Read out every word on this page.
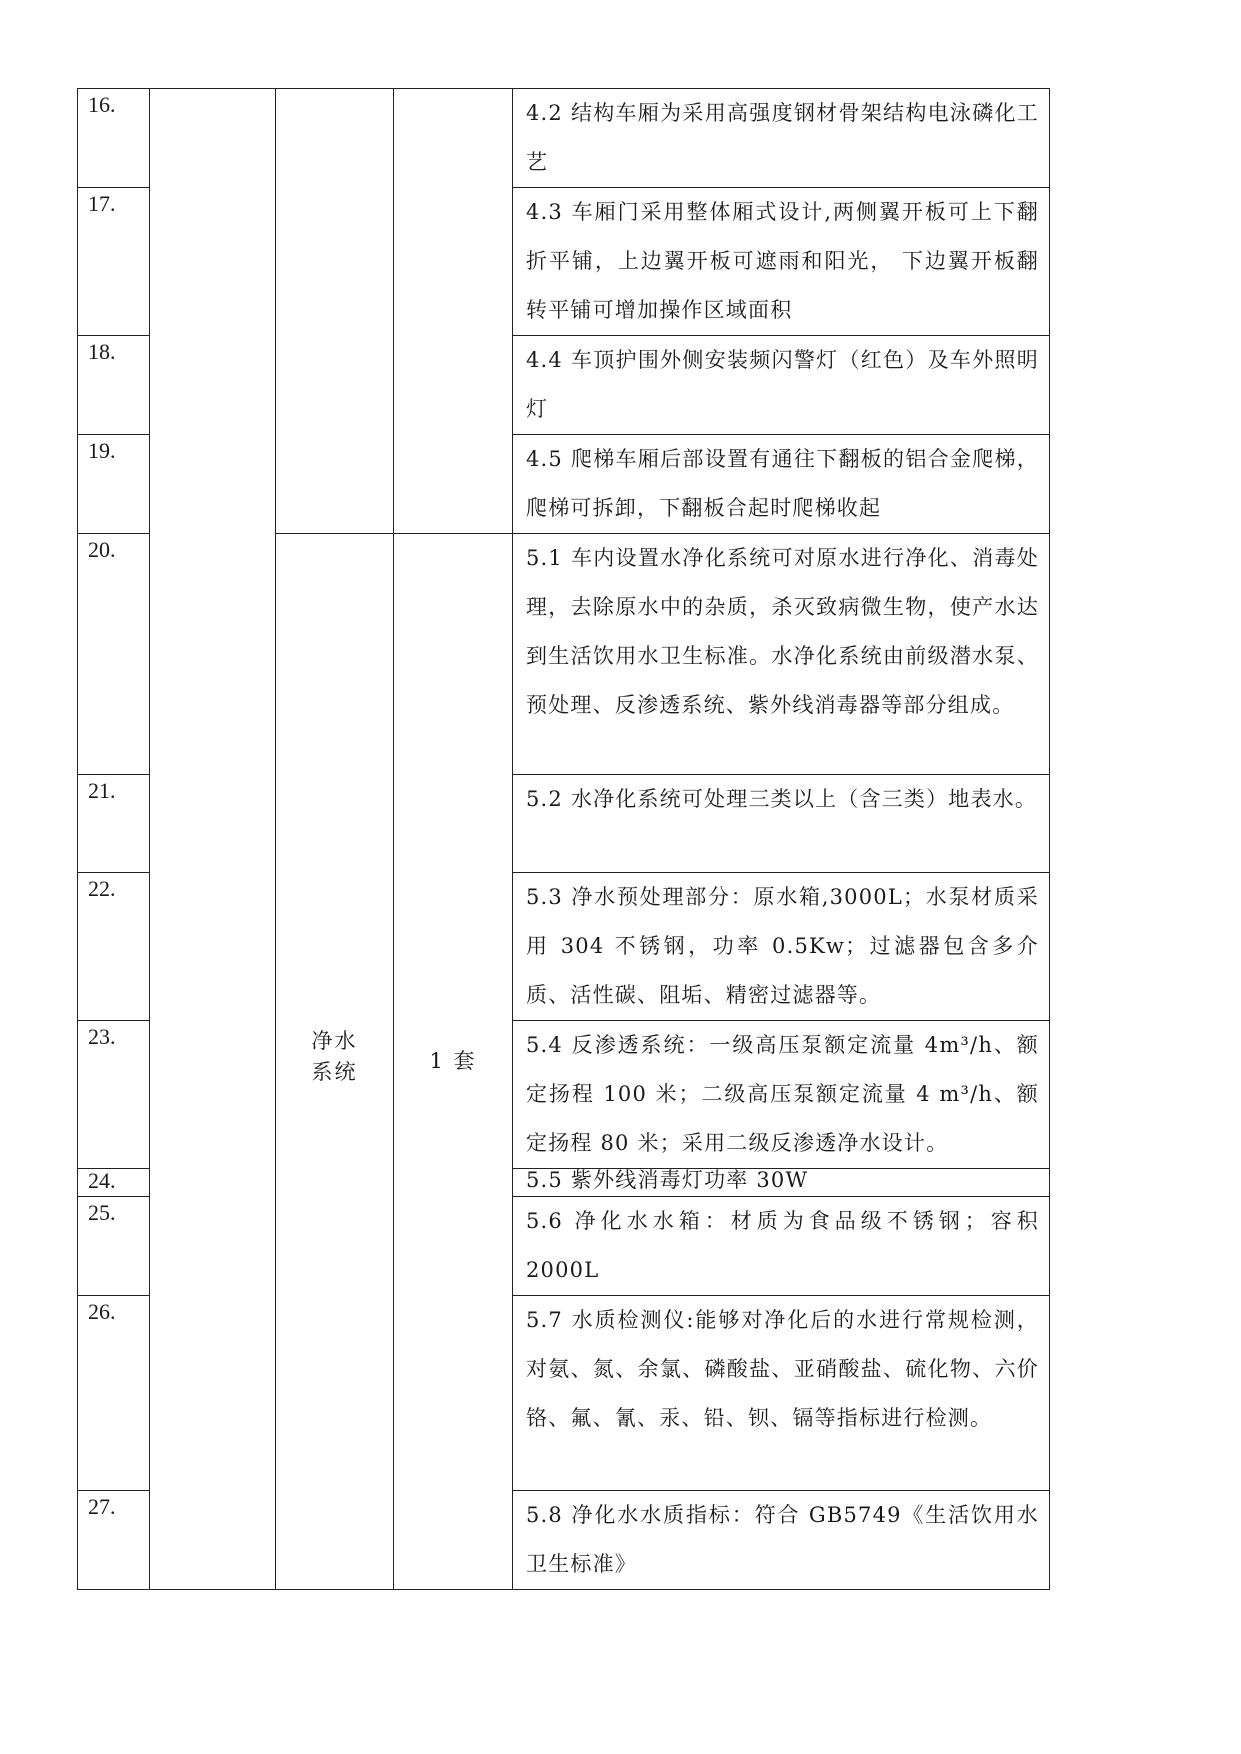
16.				4.2 结构车厢为采用高强度钢材骨架结构电泳磷化工艺
17.				4.3 车厢门采用整体厢式设计,两侧翼开板可上下翻折平铺，上边翼开板可遮雨和阳光， 下边翼开板翻转平铺可增加操作区域面积
18.				4.4 车顶护围外侧安装频闪警灯（红色）及车外照明灯
19.				4.5 爬梯车厢后部设置有通往下翻板的铝合金爬梯，爬梯可拆卸，下翻板合起时爬梯收起
20.		净水系统	1 套	5.1 车内设置水净化系统可对原水进行净化、消毒处理，去除原水中的杂质，杀灭致病微生物，使产水达到生活饮用水卫生标准。水净化系统由前级潜水泵、预处理、反渗透系统、紫外线消毒器等部分组成。
21.				5.2 水净化系统可处理三类以上（含三类）地表水。
22.				5.3 净水预处理部分：原水箱,3000L；水泵材质采用 304 不锈钢，功率 0.5Kw；过滤器包含多介质、活性碳、阻垢、精密过滤器等。
23.				5.4 反渗透系统：一级高压泵额定流量 4m³/h、额定扬程 100 米；二级高压泵额定流量 4 m³/h、额定扬程 80 米；采用二级反渗透净水设计。
24.				5.5 紫外线消毒灯功率 30W
25.				5.6 净化水水箱：材质为食品级不锈钢；容积 2000L
26.				5.7 水质检测仪:能够对净化后的水进行常规检测，对氨、氮、余氯、磷酸盐、亚硝酸盐、硫化物、六价铬、氟、氰、汞、铅、钡、镉等指标进行检测。
27.				5.8 净化水水质指标：符合 GB5749《生活饮用水卫生标准》
